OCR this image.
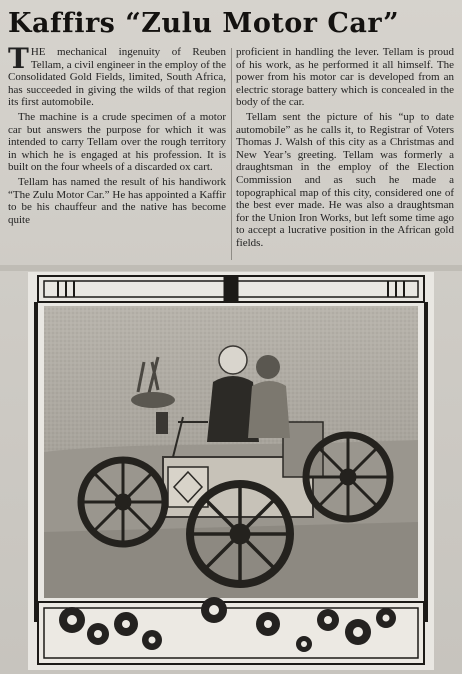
Kaffirs “Zulu Motor Car”

THE mechanical ingenuity of Reuben Tellam, a civil engineer in the employ of the Consolidated Gold Fields, limited, South Africa, has succeeded in giving the wilds of that region its first automobile.

The machine is a crude specimen of a motor car but answers the purpose for which it was intended to carry Tellam over the rough territory in which he is engaged at his profession. It is built on the four wheels of a discarded ox cart.

Tellam has named the result of his handiwork “The Zulu Motor Car.” He has appointed a Kaffir to be his chauffeur and the native has become quite

proficient in handling the lever. Tellam is proud of his work, as he performed it all himself. The power from his motor car is developed from an electric storage battery which is concealed in the body of the car.

Tellam sent the picture of his “up to date automobile” as he calls it, to Registrar of Voters Thomas J. Walsh of this city as a Christmas and New Year’s greeting. Tellam was formerly a draughtsman in the employ of the Election Commission and as such he made a topographical map of this city, considered one of the best ever made. He was also a draughtsman for the Union Iron Works, but left some time ago to accept a lucrative position in the African gold fields.
